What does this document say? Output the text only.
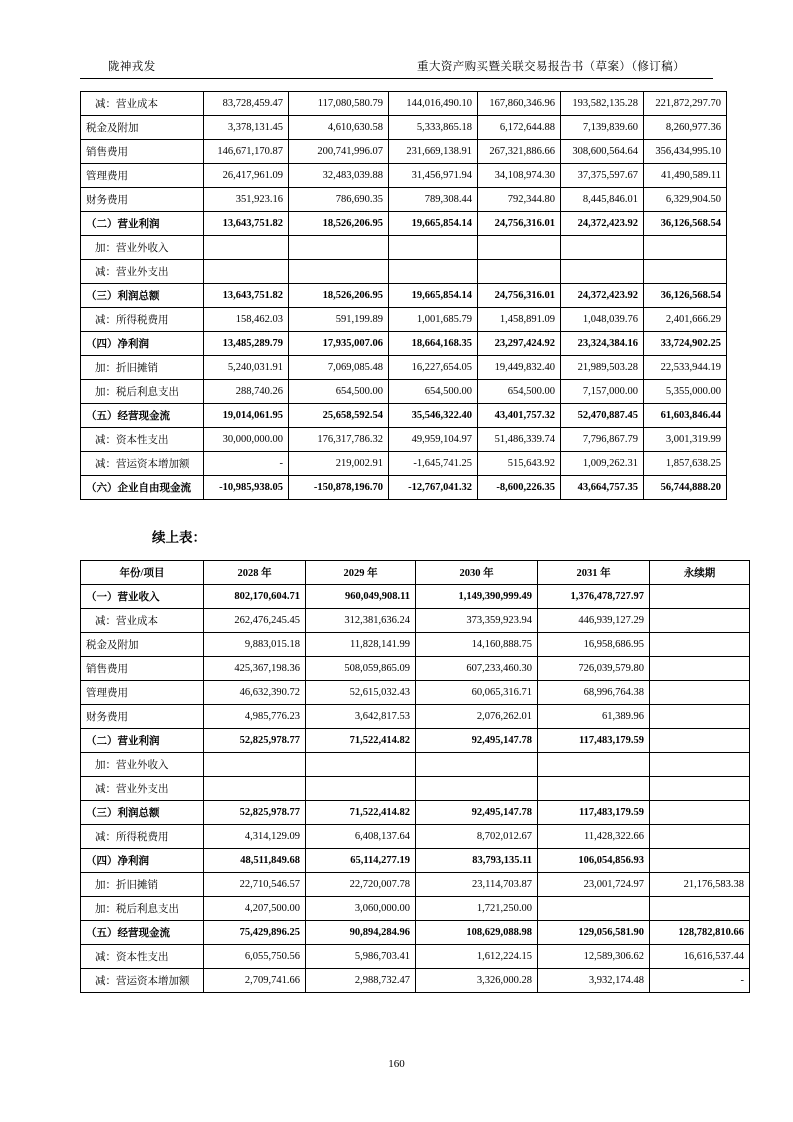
陇神戎发	重大资产购买暨关联交易报告书（草案）（修订稿）
减：营业成本	83,728,459.47	117,080,580.79	144,016,490.10	167,860,346.96	193,582,135.28	221,872,297.70
税金及附加	3,378,131.45	4,610,630.58	5,333,865.18	6,172,644.88	7,139,839.60	8,260,977.36
销售费用	146,671,170.87	200,741,996.07	231,669,138.91	267,321,886.66	308,600,564.64	356,434,995.10
管理费用	26,417,961.09	32,483,039.88	31,456,971.94	34,108,974.30	37,375,597.67	41,490,589.11
财务费用	351,923.16	786,690.35	789,308.44	792,344.80	8,445,846.01	6,329,904.50
（二）营业利润	13,643,751.82	18,526,206.95	19,665,854.14	24,756,316.01	24,372,423.92	36,126,568.54
加：营业外收入						
减：营业外支出						
（三）利润总额	13,643,751.82	18,526,206.95	19,665,854.14	24,756,316.01	24,372,423.92	36,126,568.54
减：所得税费用	158,462.03	591,199.89	1,001,685.79	1,458,891.09	1,048,039.76	2,401,666.29
（四）净利润	13,485,289.79	17,935,007.06	18,664,168.35	23,297,424.92	23,324,384.16	33,724,902.25
加：折旧摊销	5,240,031.91	7,069,085.48	16,227,654.05	19,449,832.40	21,989,503.28	22,533,944.19
加：税后利息支出	288,740.26	654,500.00	654,500.00	654,500.00	7,157,000.00	5,355,000.00
（五）经营现金流	19,014,061.95	25,658,592.54	35,546,322.40	43,401,757.32	52,470,887.45	61,603,846.44
减：资本性支出	30,000,000.00	176,317,786.32	49,959,104.97	51,486,339.74	7,796,867.79	3,001,319.99
减：营运资本增加额	-	219,002.91	-1,645,741.25	515,643.92	1,009,262.31	1,857,638.25
（六）企业自由现金流	-10,985,938.05	-150,878,196.70	-12,767,041.32	-8,600,226.35	43,664,757.35	56,744,888.20
续上表：
年份/项目	2028 年	2029 年	2030 年	2031 年	永续期
（一）营业收入	802,170,604.71	960,049,908.11	1,149,390,999.49	1,376,478,727.97	
减：营业成本	262,476,245.45	312,381,636.24	373,359,923.94	446,939,127.29	
税金及附加	9,883,015.18	11,828,141.99	14,160,888.75	16,958,686.95	
销售费用	425,367,198.36	508,059,865.09	607,233,460.30	726,039,579.80	
管理费用	46,632,390.72	52,615,032.43	60,065,316.71	68,996,764.38	
财务费用	4,985,776.23	3,642,817.53	2,076,262.01	61,389.96	
（二）营业利润	52,825,978.77	71,522,414.82	92,495,147.78	117,483,179.59	
加：营业外收入					
减：营业外支出					
（三）利润总额	52,825,978.77	71,522,414.82	92,495,147.78	117,483,179.59	
减：所得税费用	4,314,129.09	6,408,137.64	8,702,012.67	11,428,322.66	
（四）净利润	48,511,849.68	65,114,277.19	83,793,135.11	106,054,856.93	
加：折旧摊销	22,710,546.57	22,720,007.78	23,114,703.87	23,001,724.97	21,176,583.38
加：税后利息支出	4,207,500.00	3,060,000.00	1,721,250.00		
（五）经营现金流	75,429,896.25	90,894,284.96	108,629,088.98	129,056,581.90	128,782,810.66
减：资本性支出	6,055,750.56	5,986,703.41	1,612,224.15	12,589,306.62	16,616,537.44
减：营运资本增加额	2,709,741.66	2,988,732.47	3,326,000.28	3,932,174.48	-
160
